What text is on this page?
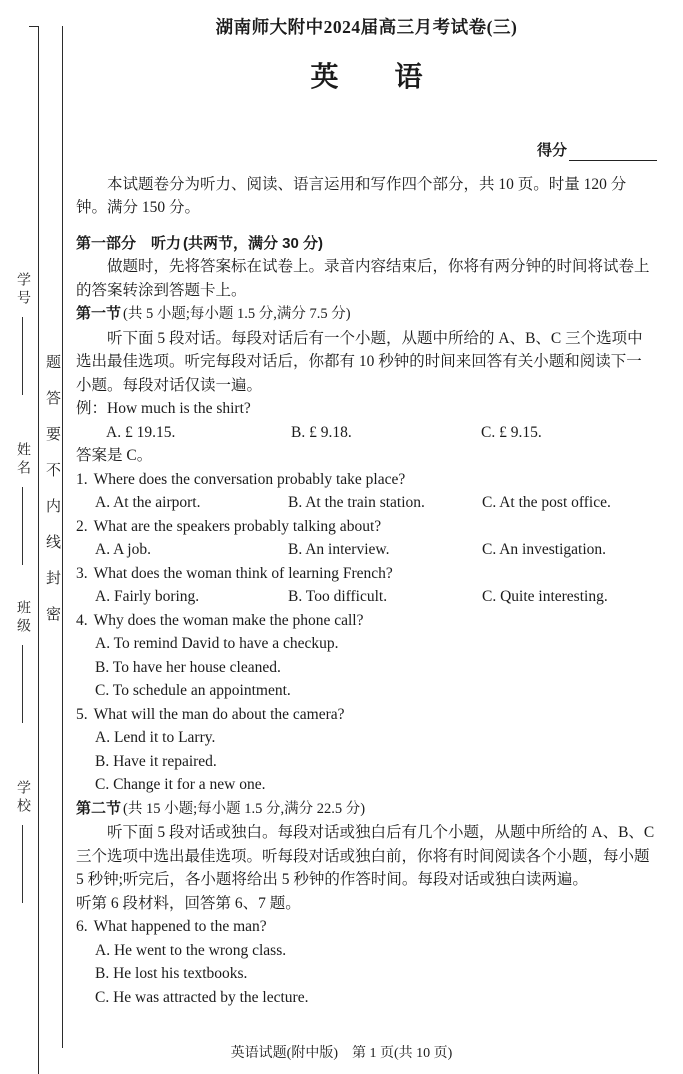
学号
姓名
班级
学校
题答要不内线封密
湖南师大附中2024届高三月考试卷(三)
英　　语
得分

本试题卷分为听力、阅读、语言运用和写作四个部分，共 10 页。时量 120 分钟。满分 150 分。

第一部分　听力 (共两节，满分 30 分)

做题时，先将答案标在试卷上。录音内容结束后，你将有两分钟的时间将试卷上的答案转涂到答题卡上。

第一节 (共 5 小题;每小题 1.5 分,满分 7.5 分)

听下面 5 段对话。每段对话后有一个小题，从题中所给的 A、B、C 三个选项中选出最佳选项。听完每段对话后，你都有 10 秒钟的时间来回答有关小题和阅读下一小题。每段对话仅读一遍。

例：How much is the shirt?
A. £ 19.15.	B. £ 9.18.	C. £ 9.15.
答案是 C。
1. Where does the conversation probably take place?
A. At the airport.	B. At the train station.	C. At the post office.
2. What are the speakers probably talking about?
A. A job.	B. An interview.	C. An investigation.
3. What does the woman think of learning French?
A. Fairly boring.	B. Too difficult.	C. Quite interesting.
4. Why does the woman make the phone call?
A. To remind David to have a checkup.
B. To have her house cleaned.
C. To schedule an appointment.
5. What will the man do about the camera?
A. Lend it to Larry.
B. Have it repaired.
C. Change it for a new one.

第二节 (共 15 小题;每小题 1.5 分,满分 22.5 分)

听下面 5 段对话或独白。每段对话或独白后有几个小题，从题中所给的 A、B、C 三个选项中选出最佳选项。听每段对话或独白前，你将有时间阅读各个小题，每小题 5 秒钟;听完后，各小题将给出 5 秒钟的作答时间。每段对话或独白读两遍。

听第 6 段材料，回答第 6、7 题。
6. What happened to the man?
A. He went to the wrong class.
B. He lost his textbooks.
C. He was attracted by the lecture.
英语试题(附中版)　第 1 页(共 10 页)
